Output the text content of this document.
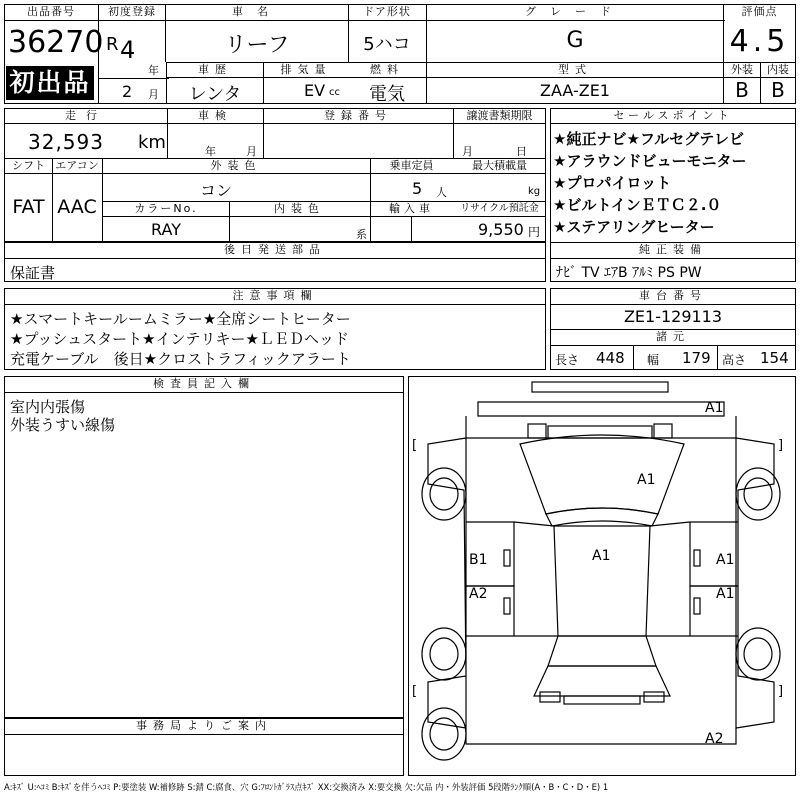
出品番号
36270
初出品
初度登録
R 4
年
2 月
車名
リーフ
ドア形状
5ハコ
グレード
G
評価点
4.5
外装	内装
B	B
車歴
レンタ
排気量
EV cc
燃料
電気
型式
ZAA-ZE1
走行
32,593 km
車検
年	月
登録番号	譲渡書類期限
月	日
シフト
FAT
エアコン
AAC
外装色
コン
乗車定員
5 人
最大積載量
kg
カラーNo.
RAY
内装色
系
輸入車	リサイクル預託金
9,550 円
後日発送部品
保証書
セールスポイント
★純正ナビ★フルセグテレビ
★アラウンドビューモニター
★プロパイロット
★ビルトインＥＴＣ２.０
★ステアリングヒーター
純正装備
ﾅﾋﾞ TV ｴｱB ｱﾙﾐ PS PW
注意事項欄
★スマートキールームミラー★全席シートヒーター
★プッシュスタート★インテリキー★ＬＥＤヘッド
充電ケーブル　後日★クロストラフィックアラート
車台番号
ZE1-129113
諸元
長さ 448 幅 179 高さ 154
検査員記入欄
室内内張傷
外装うすい線傷
事務局よりご案内
[	]
[	]
A1
A1
B1
A2
A1	A1
A1
A2
A:ｷｽﾞ U:ﾍｺﾐ B:ｷｽﾞを伴うﾍｺﾐ P:要塗装 W:補修跡 S:錆 C:腐食、穴 G:ﾌﾛﾝﾄｶﾞﾗｽ点ｷｽﾞ XX:交換済み X:要交換 欠:欠品 内・外装評価 5段階ﾗﾝｸ順(A・B・C・D・E) 1
